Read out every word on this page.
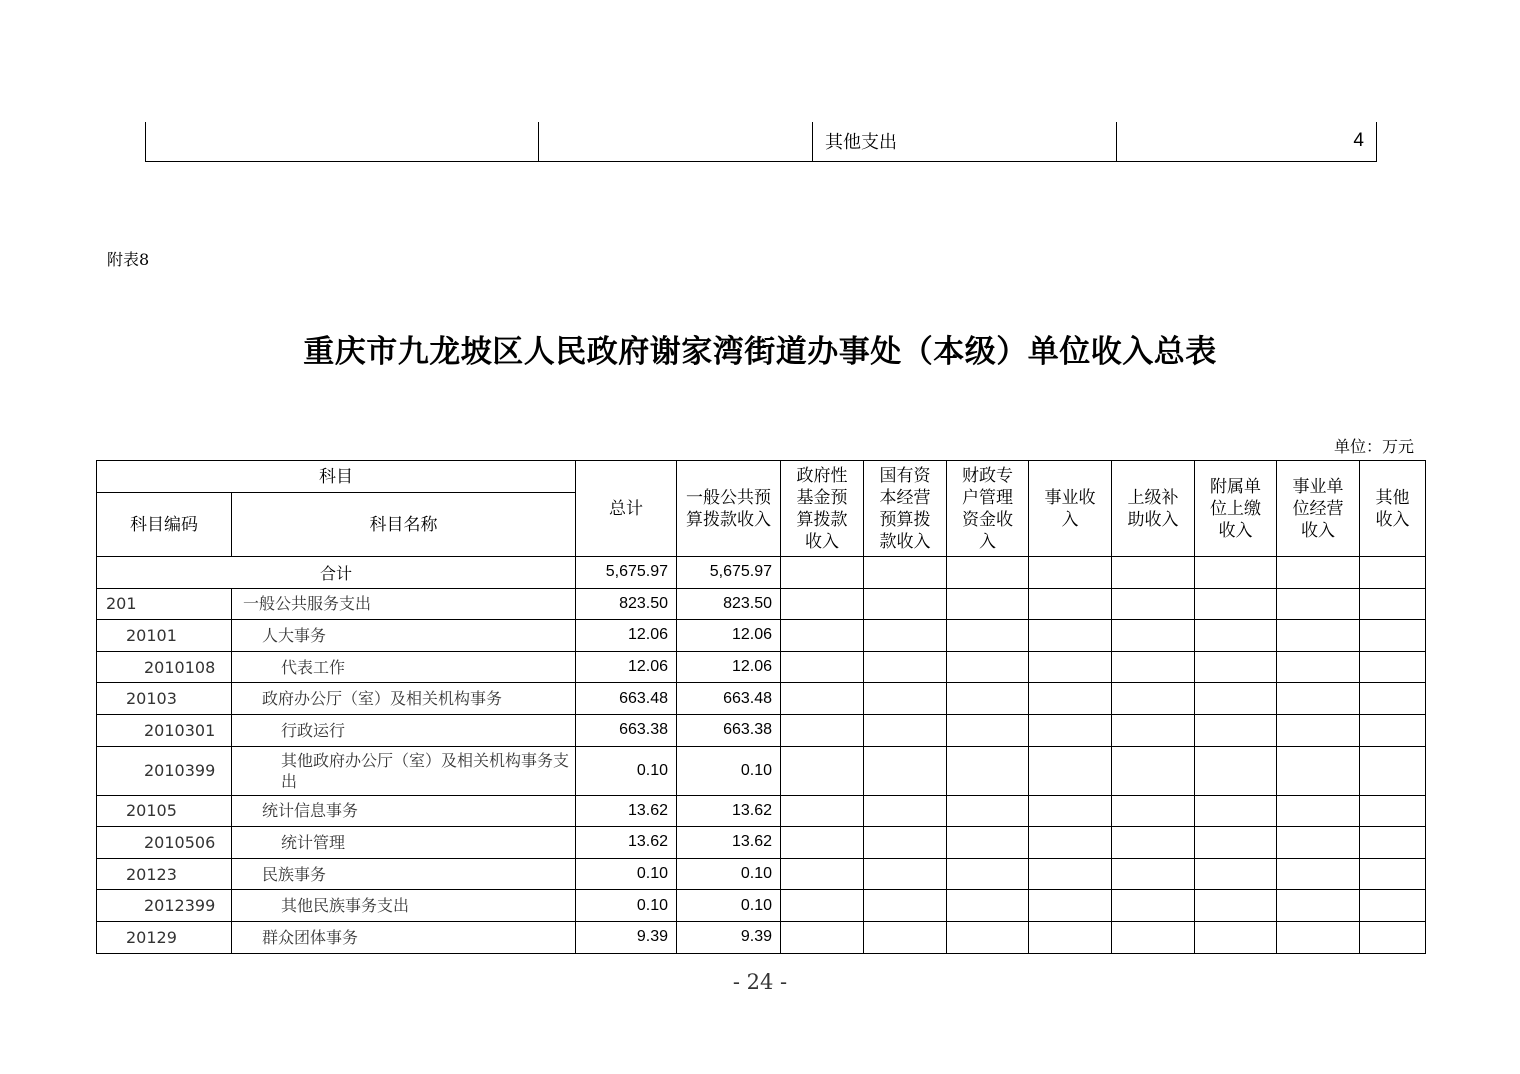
		其他支出	4
附表8
重庆市九龙坡区人民政府谢家湾街道办事处（本级）单位收入总表
单位：万元
科目		总计	一般公共预算拨款收入	政府性基金预算拨款收入	国有资本经营预算拨款收入	财政专户管理资金收入	事业收入	上级补助收入	附属单位上缴收入	事业单位经营收入	其他收入
科目编码	科目名称										
合计		5,675.97	5,675.97								
201	一般公共服务支出	823.50	823.50								
20101	人大事务	12.06	12.06								
2010108	代表工作	12.06	12.06								
20103	政府办公厅（室）及相关机构事务	663.48	663.48								
2010301	行政运行	663.38	663.38								
2010399	其他政府办公厅（室）及相关机构事务支出	0.10	0.10								
20105	统计信息事务	13.62	13.62								
2010506	统计管理	13.62	13.62								
20123	民族事务	0.10	0.10								
2012399	其他民族事务支出	0.10	0.10								
20129	群众团体事务	9.39	9.39								
- 24 -
